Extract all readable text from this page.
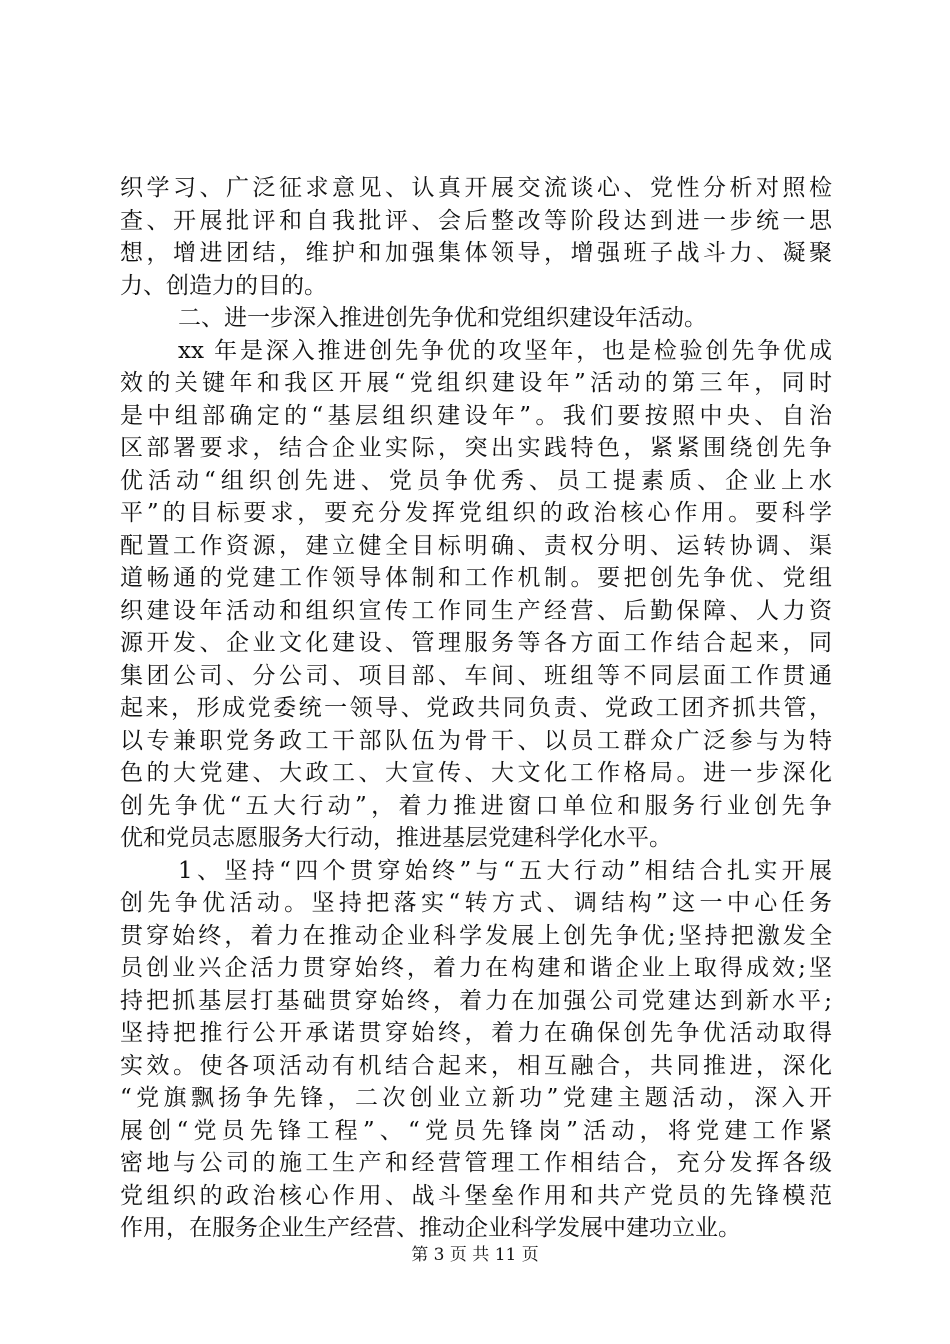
织学习、广泛征求意见、认真开展交流谈心、党性分析对照检
查、开展批评和自我批评、会后整改等阶段达到进一步统一思
想，增进团结，维护和加强集体领导，增强班子战斗力、凝聚
力、创造力的目的。
二、进一步深入推进创先争优和党组织建设年活动。
xx 年是深入推进创先争优的攻坚年，也是检验创先争优成
效的关键年和我区开展“党组织建设年”活动的第三年，同时
是中组部确定的“基层组织建设年”。我们要按照中央、自治
区部署要求，结合企业实际，突出实践特色，紧紧围绕创先争
优活动“组织创先进、党员争优秀、员工提素质、企业上水
平”的目标要求，要充分发挥党组织的政治核心作用。要科学
配置工作资源，建立健全目标明确、责权分明、运转协调、渠
道畅通的党建工作领导体制和工作机制。要把创先争优、党组
织建设年活动和组织宣传工作同生产经营、后勤保障、人力资
源开发、企业文化建设、管理服务等各方面工作结合起来，同
集团公司、分公司、项目部、车间、班组等不同层面工作贯通
起来，形成党委统一领导、党政共同负责、党政工团齐抓共管，
以专兼职党务政工干部队伍为骨干、以员工群众广泛参与为特
色的大党建、大政工、大宣传、大文化工作格局。进一步深化
创先争优“五大行动”，着力推进窗口单位和服务行业创先争
优和党员志愿服务大行动，推进基层党建科学化水平。
1、坚持“四个贯穿始终”与“五大行动”相结合扎实开展
创先争优活动。坚持把落实“转方式、调结构”这一中心任务
贯穿始终，着力在推动企业科学发展上创先争优;坚持把激发全
员创业兴企活力贯穿始终，着力在构建和谐企业上取得成效;坚
持把抓基层打基础贯穿始终，着力在加强公司党建达到新水平;
坚持把推行公开承诺贯穿始终，着力在确保创先争优活动取得
实效。使各项活动有机结合起来，相互融合，共同推进，深化
“党旗飘扬争先锋，二次创业立新功”党建主题活动，深入开
展创“党员先锋工程”、“党员先锋岗”活动，将党建工作紧
密地与公司的施工生产和经营管理工作相结合，充分发挥各级
党组织的政治核心作用、战斗堡垒作用和共产党员的先锋模范
作用，在服务企业生产经营、推动企业科学发展中建功立业。
第 3 页 共 11 页
